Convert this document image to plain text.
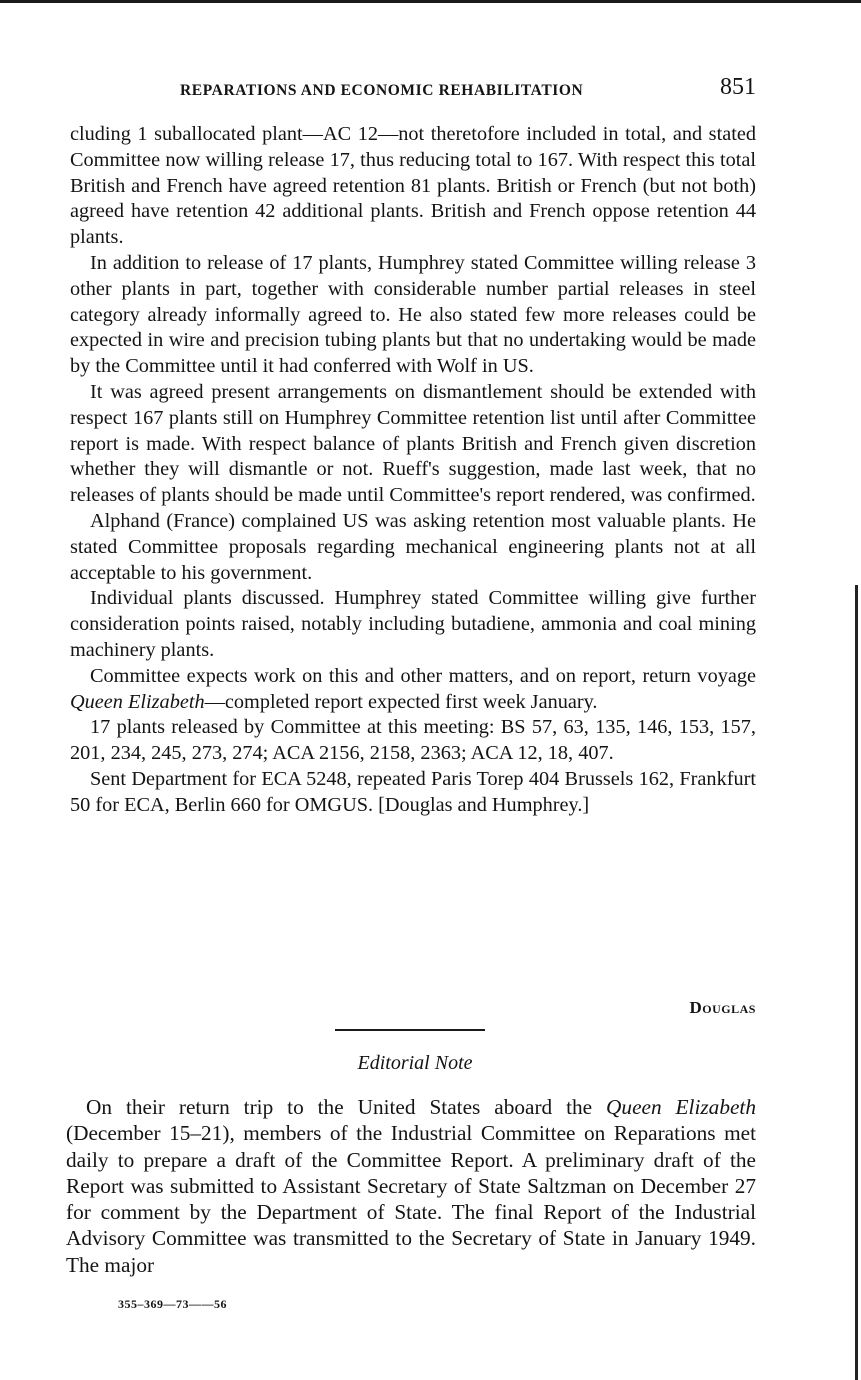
REPARATIONS AND ECONOMIC REHABILITATION	851

cluding 1 suballocated plant—AC 12—not theretofore included in total, and stated Committee now willing release 17, thus reducing total to 167. With respect this total British and French have agreed retention 81 plants. British or French (but not both) agreed have retention 42 additional plants. British and French oppose retention 44 plants.

In addition to release of 17 plants, Humphrey stated Committee willing release 3 other plants in part, together with considerable number partial releases in steel category already informally agreed to. He also stated few more releases could be expected in wire and precision tubing plants but that no undertaking would be made by the Committee until it had conferred with Wolf in US.

It was agreed present arrangements on dismantlement should be extended with respect 167 plants still on Humphrey Committee retention list until after Committee report is made. With respect balance of plants British and French given discretion whether they will dismantle or not. Rueff's suggestion, made last week, that no releases of plants should be made until Committee's report rendered, was confirmed.

Alphand (France) complained US was asking retention most valuable plants. He stated Committee proposals regarding mechanical engineering plants not at all acceptable to his government.

Individual plants discussed. Humphrey stated Committee willing give further consideration points raised, notably including butadiene, ammonia and coal mining machinery plants.

Committee expects work on this and other matters, and on report, return voyage Queen Elizabeth—completed report expected first week January.

17 plants released by Committee at this meeting: BS 57, 63, 135, 146, 153, 157, 201, 234, 245, 273, 274; ACA 2156, 2158, 2363; ACA 12, 18, 407.

Sent Department for ECA 5248, repeated Paris Torep 404 Brussels 162, Frankfurt 50 for ECA, Berlin 660 for OMGUS. [Douglas and Humphrey.]

Douglas
Editorial Note

On their return trip to the United States aboard the Queen Elizabeth (December 15–21), members of the Industrial Committee on Reparations met daily to prepare a draft of the Committee Report. A preliminary draft of the Report was submitted to Assistant Secretary of State Saltzman on December 27 for comment by the Department of State. The final Report of the Industrial Advisory Committee was transmitted to the Secretary of State in January 1949. The major

355–369—73——56
